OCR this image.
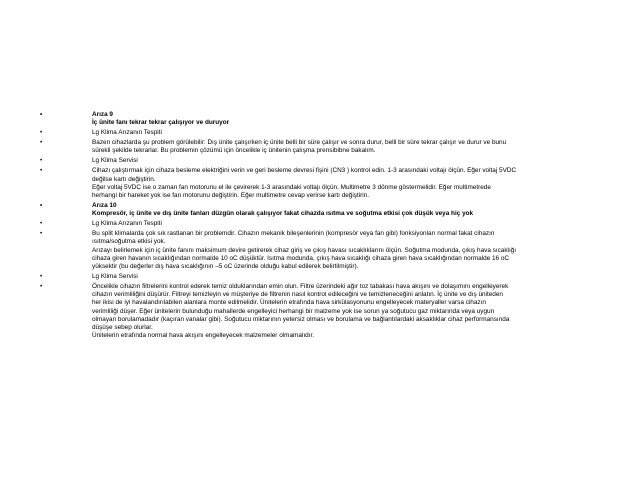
•	Arıza 9
İç ünite fanı tekrar tekrar çalışıyor ve duruyor
•	Lg Klima Arızanın Tespiti
•	Bazen cihazlarda şu problem görülebilir: Dış ünite çalışırken iç ünite belli bir süre çalışır ve sonra durur, belli bir süre tekrar çalışır ve durur ve bunu
sürekli şekilde tekrarlar. Bu problemin çözümü için öncelikle iç ünitenin çalışma prensibibne bakalım.
•	Lg Klima Servisi
•	Cihazı çalıştırmak için cihaza besleme elektriğini verin ve geri besleme devresi fişini (CN3 ) kontrol edin. 1-3 arasındaki voltajı ölçün. Eğer voltaj 5VDC
değilse kartı değiştirin.
Eğer voltaj 5VDC ise o zaman fan motorunu el ile çevirerek 1-3 arasındaki voltajı ölçün. Multimetre 3 dönme göstermelidir. Eğer multimetrede
herhangi bir hareket yok ise fan motorunu değiştirin. Eğer multimetre cevap verirse kartı değiştirin.
•	Arıza 10
Kompresör, iç ünite ve dış ünite fanları düzgün olarak çalışıyor fakat cihazda ısıtma ve soğutma etkisi çok düşük veya hiç yok
•	Lg Klima Arızanın Tespiti
•	Bu split klimalarda çok sık rastlanan bir problemdir. Cihazın mekanik bileşenlerinin (kompresör veya fan gibi) fonksiyonları normal fakat cihazın
ısıtma/soğutma etkisi yok.
Arızayı belirlemek için iç ünite fanını maksimum devire getirerek cihaz giriş ve çıkış havası sıcaklıklarını ölçün. Soğutma modunda, çıkış hava sıcaklığı
cihaza giren havanın sıcaklığından normalde 10 oC düşüktür. Isıtma modunda, çıkış hava sıcaklığı cihaza giren hava sıcaklığından normalde 16 oC
yüksektir (bu değerler dış hava sıcaklığının –5 oC üzerinde olduğu kabul edilerek belirtilmiştir).
•	Lg Klima Servisi
•	Öncelikle cihazın filtrelerini kontrol ederek temiz olduklarından emin olun. Filtre üzerindeki ağır toz tabakası hava akışını ve dolaşımını engelleyerek
cihazın verimliliğini düşürür. Filtreyi temizleyin ve müşteriye de filtrenin nasıl kontrol edileceğini ve temizleneceğini anlatın. İç ünite ve dış üniteden
her ikisi de iyi havalandırılabilen alanlara monte edilmelidir. Ünitelerin etrafında hava sirkülasyonunu engelleyecek materyaller varsa cihazın
verimliliği düşer. Eğer ünitelerin bulunduğu mahallerde engelleyici herhangi bir malzeme yok ise sorun ya soğutucu gaz miktarında veya uygun
olmayan borulamadadır (kaçıran vanalar gibi). Soğutucu miktarının yetersiz olması ve borulama ve bağlantılardaki aksaklıklar cihaz performansında
düşüşe sebep olurlar.
Ünitelerin etrafında normal hava akışını engelleyecek malzemeler olmamalıdır.
